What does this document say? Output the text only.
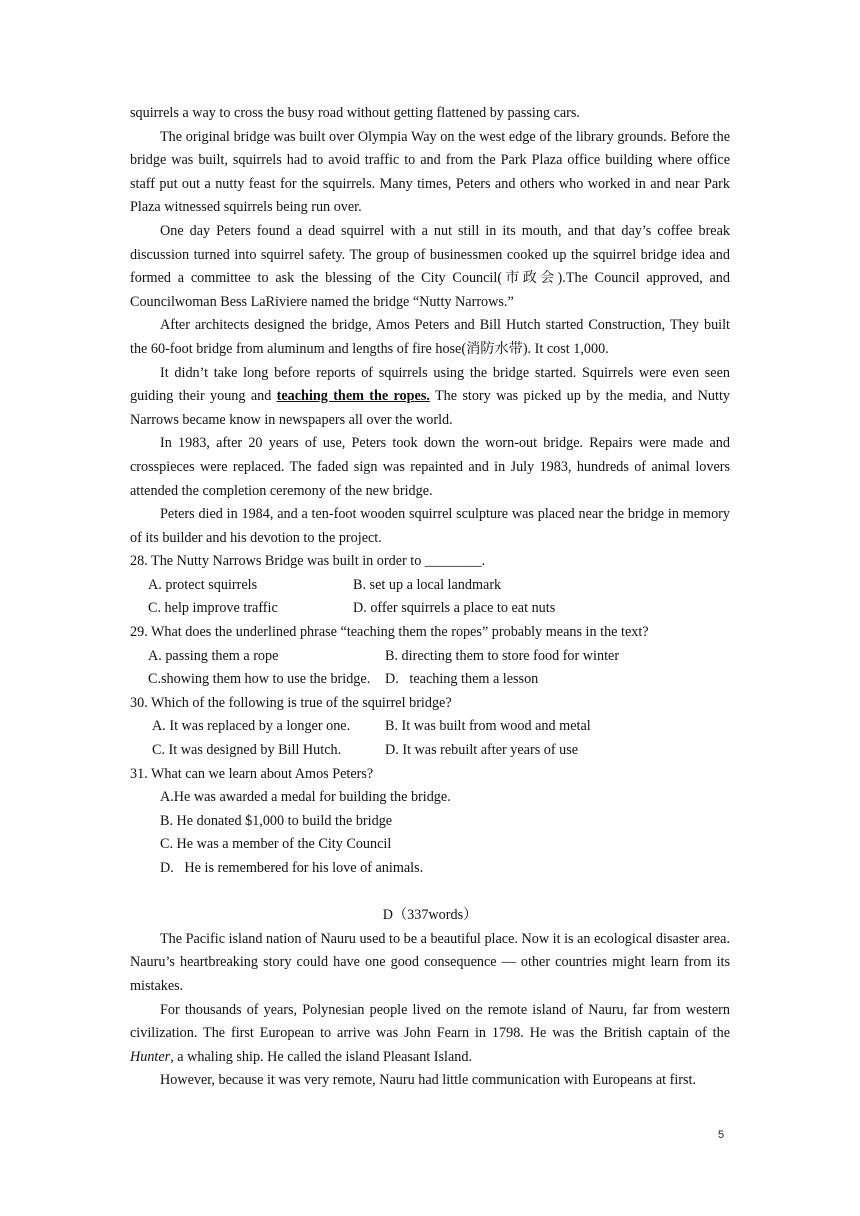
squirrels a way to cross the busy road without getting flattened by passing cars.

The original bridge was built over Olympia Way on the west edge of the library grounds. Before the bridge was built, squirrels had to avoid traffic to and from the Park Plaza office building where office staff put out a nutty feast for the squirrels. Many times, Peters and others who worked in and near Park Plaza witnessed squirrels being run over.

One day Peters found a dead squirrel with a nut still in its mouth, and that day’s coffee break discussion turned into squirrel safety. The group of businessmen cooked up the squirrel bridge idea and formed a committee to ask the blessing of the City Council(市政会).The Council approved, and Councilwoman Bess LaRiviere named the bridge “Nutty Narrows.”

After architects designed the bridge, Amos Peters and Bill Hutch started Construction, They built the 60-foot bridge from aluminum and lengths of fire hose(消防水带). It cost 1,000.

It didn’t take long before reports of squirrels using the bridge started. Squirrels were even seen guiding their young and teaching them the ropes. The story was picked up by the media, and Nutty Narrows became know in newspapers all over the world.

In 1983, after 20 years of use, Peters took down the worn-out bridge. Repairs were made and crosspieces were replaced. The faded sign was repainted and in July 1983, hundreds of animal lovers attended the completion ceremony of the new bridge.

Peters died in 1984, and a ten-foot wooden squirrel sculpture was placed near the bridge in memory of its builder and his devotion to the project.

28. The Nutty Narrows Bridge was built in order to ________.

A. protect squirrels	B. set up a local landmark
C. help improve traffic	D. offer squirrels a place to eat nuts

29. What does the underlined phrase “teaching them the ropes” probably means in the text?

A. passing them a rope	B. directing them to store food for winter
C.showing them how to use the bridge.	D.   teaching them a lesson

30. Which of the following is true of the squirrel bridge?

A. It was replaced by a longer one.	B. It was built from wood and metal
C. It was designed by Bill Hutch.	D. It was rebuilt after years of use

31. What can we learn about Amos Peters?

A.He was awarded a medal for building the bridge.

B. He donated $1,000 to build the bridge

C. He was a member of the City Council

D.   He is remembered for his love of animals.

D（337words）

The Pacific island nation of Nauru used to be a beautiful place. Now it is an ecological disaster area. Nauru’s heartbreaking story could have one good consequence — other countries might learn from its mistakes.

For thousands of years, Polynesian people lived on the remote island of Nauru, far from western civilization. The first European to arrive was John Fearn in 1798. He was the British captain of the Hunter, a whaling ship. He called the island Pleasant Island.

However, because it was very remote, Nauru had little communication with Europeans at first.

5
